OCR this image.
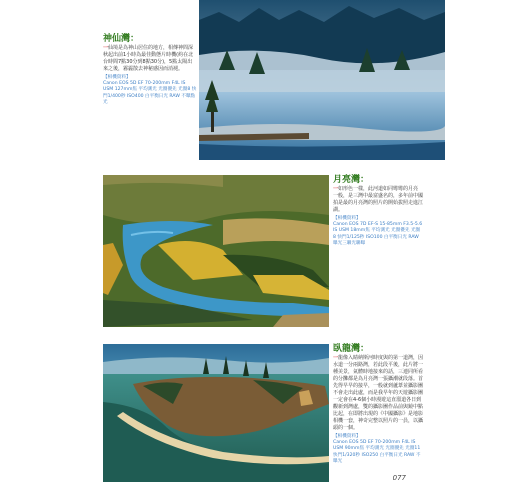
神仙灣：
一仙境是為神山居住的地方，相傳神問深秋起出前1小時為最佳動態片時機(約在北台時間7點30分到8點30分)，5點太陽出來之後，霧霾散去神秘感因而消褪。
【相機資料】
Canon EOS 5D EF 70-200mm F4L IS USM 127mm焦 平均測光 光圈優先 光圈8 快門1/400秒 ISO400 白平衡日光 RAW 不曝點光
月亮灣：
一如形色一樣，此河道如同彎彎的月亮一般，是三灣中最富盛名的，多年前中國拍是最的月亮灣的照片的開始拔照走進江湖。
【相機資料】
Canon EOS 7D EF-S 15-85mm F3.5-5.6 IS USM 18mm焦 平均測光 光圈優先 光圈8 快門1/125秒 ISO100 白平衡日光 RAW 曝光三聯光聯曝
臥龍灣：
一龍像入睛納斯河時度與的第一道灣，因水道一分兩路灣，若此段平後，此片將一種美景，氣體時地接來的話，三連同所看的分攤都是為月亮灣一張攝潮就段落。首先得早早的接早，一般就到蘆葦並攝影團不會走出此處，而是我早年的天遊攝影團一定會在4-6個小時漫遊這直溜道各日到觀新到灣處，雙的攝影團作品前與鏡中點比起，在即將出現的《中國攝影》是地影相機一套，神奇完整以照片的一員，以攝頭的一個。
【相機資料】
Canon EOS 5D EF 70-200mm F4L IS USM 90mm焦 平均測光 光圈優先 光圈11 快門1/320秒 ISO250 白平衡日光 RAW 不曝光
077
